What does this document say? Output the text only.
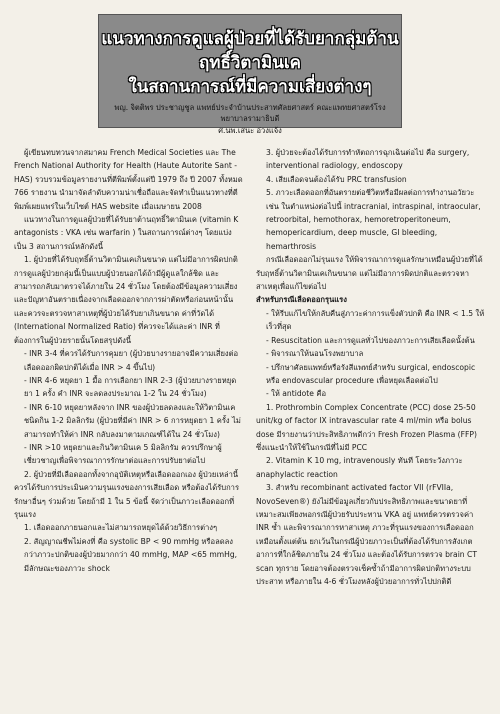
แนวทางการดูแลผู้ป่วยที่ได้รับยากลุ่มต้านฤทธิ์วิตามินเค

ในสถานการณ์ที่มีความเสี่ยงต่างๆ

พญ. จิตติพร ประชาญชูล แพทย์ประจำบ้านประสาทศัลยศาสตร์ คณะแพทยศาสตร์โรงพยาบาลรามาธิบดี

ศ.นพ.เสนะ อ่วงแจ้ง

ผู้เขียนทบทวนจากสมาคม French Medical Societies และ The French National Authority for Health (Haute Autorite Sant - HAS) รวบรวมข้อมูลรายงานที่ตีพิมพ์ตั้งแต่ปี 1979 ถึง ปี 2007 ทั้งหมด 766 รายงาน นำมาจัดลำดับความน่าเชื่อถือและจัดทำเป็นแนวทางที่ตีพิมพ์เผยแพร่ในเว็บไซต์ HAS website เมื่อเมษายน 2008

แนวทางในการดูแลผู้ป่วยที่ได้รับยาต้านฤทธิ์วิตามินเค (vitamin K antagonists : VKA เช่น warfarin ) ในสถานการณ์ต่างๆ โดยแบ่งเป็น 3 สถานการณ์หลักดังนี้

1. ผู้ป่วยที่ได้รับฤทธิ์ต้านวิตามินเคเกินขนาด แต่ไม่มีอาการผิดปกติ การดูแลผู้ป่วยกลุ่มนี้เป็นแบบผู้ป่วยนอกได้ถ้ามีผู้ดูแลใกล้ชิด และสามารถกลับมาตรวจได้ภายใน 24 ชั่วโมง โดยต้องมีข้อมูลความเสี่ยงและปัญหาอันตรายเนื่องจากเลือดออกจากการผ่าตัดหรือก่อนหน้านั้น และควรจะตรวจหาสาเหตุที่ผู้ป่วยได้รับยาเกินขนาด ค่าที่วัดได้ (International Normalized Ratio) ที่ควรจะได้และค่า INR ที่ต้องการในผู้ป่วยรายนั้นโดยสรุปดังนี้

- INR 3-4 ที่ควรได้รับการคุมยา (ผู้ป่วยบางรายอาจมีความเสี่ยงต่อเลือดออกผิดปกติได้เมื่อ INR > 4 ขึ้นไป)

- INR 4-6 หยุดยา 1 มื้อ การเลือกยา INR 2-3 (ผู้ป่วยบางรายหยุดยา 1 ครั้ง คำ INR จะลดลงประมาณ 1-2 ใน 24 ชั่วโมง)

- INR 6-10 หยุดยาหลังจาก INR ของผู้ป่วยลดลงและให้วิตามินเคชนิดกิน 1-2 มิลลิกรัม (ผู้ป่วยที่มีค่า INR > 6 การหยุดยา 1 ครั้ง ไม่สามารถทำให้ค่า INR กลับลงมาตามเกณฑ์ได้ใน 24 ชั่วโมง)

- INR >10 หยุดยาและกินวิตามินเค 5 มิลลิกรัม ควรปรึกษาผู้เชี่ยวชาญเพื่อพิจารณาการรักษาต่อและการปรับยาต่อไป

2. ผู้ป่วยที่มีเลือดออกทั้งจากอุบัติเหตุหรือเลือดออกเอง ผู้ป่วยเหล่านี้ควรได้รับการประเมินความรุนแรงของการเสียเลือด หรือต้องได้รับการรักษาอื่นๆ ร่วมด้วย โดยถ้ามี 1 ใน 5 ข้อนี้ จัดว่าเป็นภาวะเลือดออกที่รุนแรง

1. เลือดออกภายนอกและไม่สามารถหยุดได้ด้วยวิธีการต่างๆ

2. สัญญาณชีพไม่คงที่ คือ systolic BP < 90 mmHg หรือลดลงกว่าภาวะปกติของผู้ป่วยมากกว่า 40 mmHg, MAP <65 mmHg, มีลักษณะของภาวะ shock

3. ผู้ป่วยจะต้องได้รับการทำหัตถการฉุกเฉินต่อไป คือ surgery, interventional radiology, endoscopy

4. เสียเลือดจนต้องได้รับ PRC transfusion

5. ภาวะเลือดออกที่อันตรายต่อชีวิตหรือมีผลต่อการทำงานอวัยวะ เช่น ในตำแหน่งต่อไปนี้ intracranial, intraspinal, intraocular, retroorbital, hemothorax, hemoretroperitoneum, hemopericardium, deep muscle, GI bleeding, hemarthrosis

กรณีเลือดออกไม่รุนแรง ให้พิจารณาการดูแลรักษาเหมือนผู้ป่วยที่ได้รับฤทธิ์ต้านวิตามินเคเกินขนาด แต่ไม่มีอาการผิดปกติและตรวจหาสาเหตุเพื่อแก้ไขต่อไป

สำหรับกรณีเลือดออกรุนแรง

- ให้รีบแก้ไขให้กลับคืนสู่ภาวะค่าการแข็งตัวปกติ คือ INR < 1.5 ให้เร็วที่สุด

- Resuscitation และการดูแลทั่วไปของภาวะการเสียเลือดนั้งต้น

- พิจารณาให้นอนโรงพยาบาล

- ปรึกษาศัลยแพทย์หรือรังสีแพทย์สำหรับ surgical, endoscopic หรือ endovascular procedure เพื่อหยุดเลือดต่อไป

- ให้ antidote คือ

1. Prothrombin Complex Concentrate (PCC) dose 25-50 unit/kg of factor IX intravascular rate 4 ml/min หรือ bolus dose มีรายงานว่าประสิทธิภาพดีกว่า Fresh Frozen Plasma (FFP) ซึ่งแนะนำให้ใช้ในกรณีที่ไม่มี PCC

2. Vitamin K 10 mg, intravenously ทันที โดยระวังภาวะ anaphylactic reaction

3. สำหรับ recombinant activated factor VII (rFVIIa, NovoSeven®) ยังไม่มีข้อมูลเกี่ยวกับประสิทธิภาพและขนาดยาที่เหมาะสมเพียงพอกรณีผู้ป่วยรับประทาน VKA อยู่ แพทย์ควรตรวจค่า INR ซ้ำ และพิจารณาการหาสาเหตุ ภาวะที่รุนแรงของการเลือดออกเหมือนตั้งแต่ต้น ยกเว้นในกรณีผู้ป่วยภาวะเป็นที่ต้องได้รับการสังเกตอาการที่ใกล้ชิดภายใน 24 ชั่วโมง และต้องได้รับการตรวจ brain CT scan ทุกราย โดยอาจต้องตรวจเช็คซ้ำถ้ามีอาการผิดปกติทางระบบประสาท หรือภายใน 4-6 ชั่วโมงหลังผู้ป่วยอาการทั่วไปปกติดี
